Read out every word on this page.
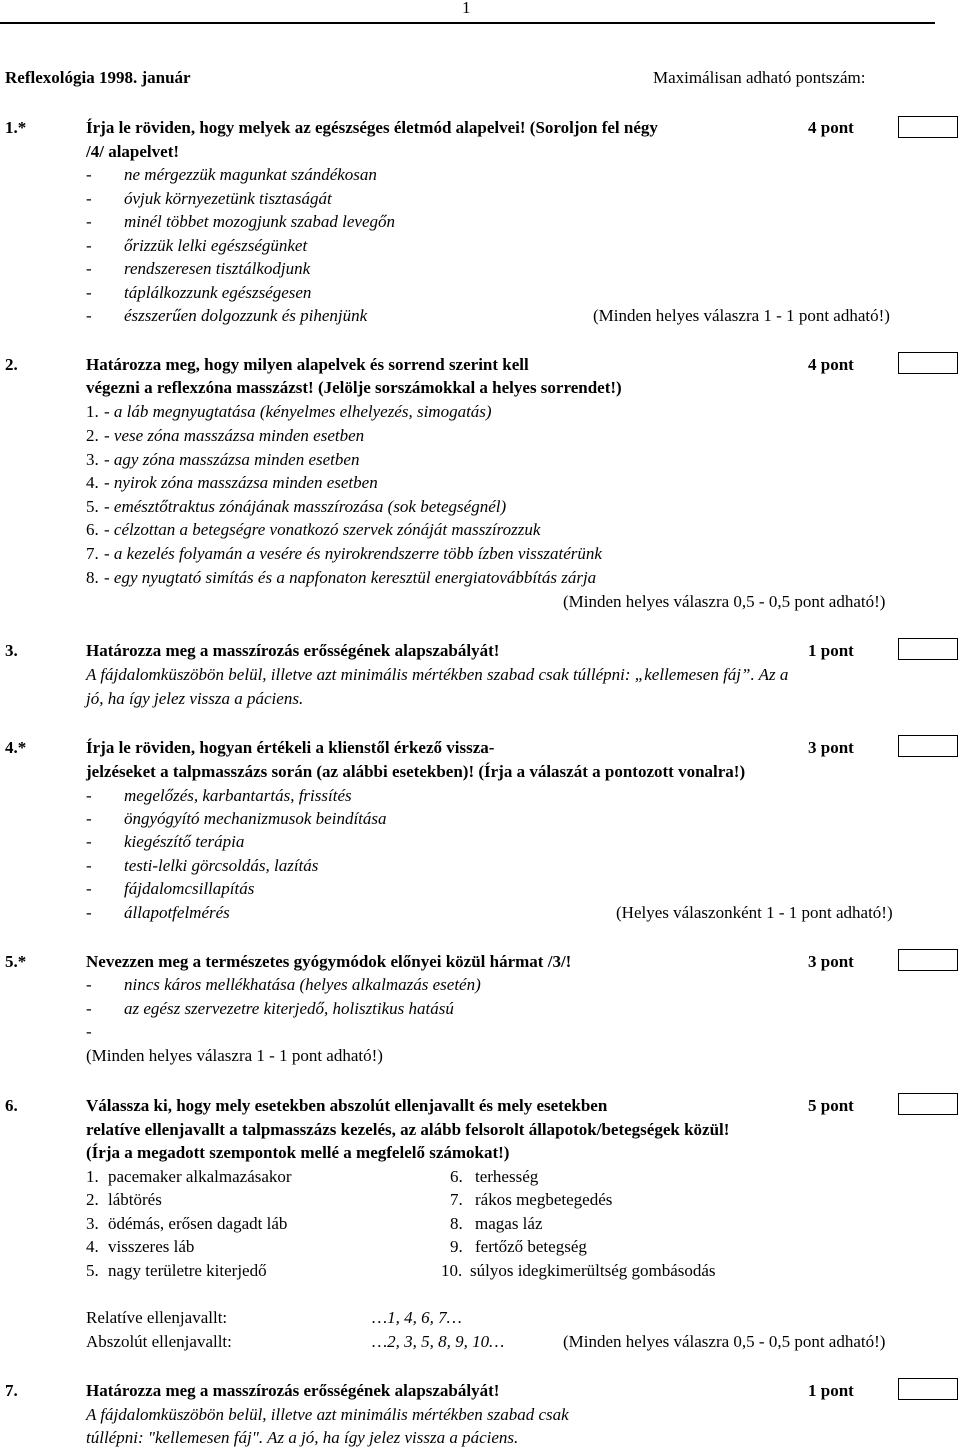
1
Reflexológia 1998. január	Maximálisan adható pontszám:
1.*	Írja le röviden, hogy melyek az egészséges életmód alapelvei! (Soroljon fel négy	4 pont
/4/ alapelvet!
- ne mérgezzük magunkat szándékosan
- óvjuk környezetünk tisztaságát
- minél többet mozogjunk szabad levegőn
- őrizzük lelki egészségünket
- rendszeresen tisztálkodjunk
- táplálkozzunk egészségesen
- észszerűen dolgozzunk és pihenjünk	(Minden helyes válaszra 1 - 1 pont adható!)
2.	Határozza meg, hogy milyen alapelvek és sorrend szerint kell	4 pont
végezni a reflexzóna masszázst! (Jelölje sorszámokkal a helyes sorrendet!)
1. - a láb megnyugtatása (kényelmes elhelyezés, simogatás)
2. - vese zóna masszázsa minden esetben
3. - agy zóna masszázsa minden esetben
4. - nyirok zóna masszázsa minden esetben
5. - emésztőtraktus zónájának masszírozása (sok betegségnél)
6. - célzottan a betegségre vonatkozó szervek zónáját masszírozzuk
7. - a kezelés folyamán a vesére és nyirokrendszerre több ízben visszatérünk
8. - egy nyugtató simítás és a napfonaton keresztül energiatovábbítás zárja
(Minden helyes válaszra 0,5 - 0,5 pont adható!)
3.	Határozza meg a masszírozás erősségének alapszabályát!	1 pont
A fájdalomküszöbön belül, illetve azt minimális mértékben szabad csak túllépni: „kellemesen fáj”. Az a
jó, ha így jelez vissza a páciens.
4.*	Írja le röviden, hogyan értékeli a klienstől érkező vissza-	3 pont
jelzéseket a talpmasszázs során (az alábbi esetekben)! (Írja a válaszát a pontozott vonalra!)
- megelőzés, karbantartás, frissítés
- öngyógyító mechanizmusok beindítása
- kiegészítő terápia
- testi-lelki görcsoldás, lazítás
- fájdalomcsillapítás
- állapotfelmérés	(Helyes válaszonként 1 - 1 pont adható!)
5.*	Nevezzen meg a természetes gyógymódok előnyei közül hármat /3/!	3 pont
- nincs káros mellékhatása (helyes alkalmazás esetén)
- az egész szervezetre kiterjedő, holisztikus hatású
-
(Minden helyes válaszra 1 - 1 pont adható!)
6.	Válassza ki, hogy mely esetekben abszolút ellenjavallt és mely esetekben	5 pont
relatíve ellenjavallt a talpmasszázs kezelés, az alább felsorolt állapotok/betegségek közül!
(Írja a megadott szempontok mellé a megfelelő számokat!)
1. pacemaker alkalmazásakor
2. lábtörés
3. ödémás, erősen dagadt láb
4. visszeres láb
5. nagy területre kiterjedő
6. terhesség
7. rákos megbetegedés
8. magas láz
9. fertőző betegség
10. súlyos idegkimerültség gombásodás
Relatíve ellenjavallt:	…1, 4, 6, 7…
Abszolút ellenjavallt:	…2, 3, 5, 8, 9, 10…	(Minden helyes válaszra 0,5 - 0,5 pont adható!)
7.	Határozza meg a masszírozás erősségének alapszabályát!	1 pont
A fájdalomküszöbön belül, illetve azt minimális mértékben szabad csak
túllépni: "kellemesen fáj". Az a jó, ha így jelez vissza a páciens.
